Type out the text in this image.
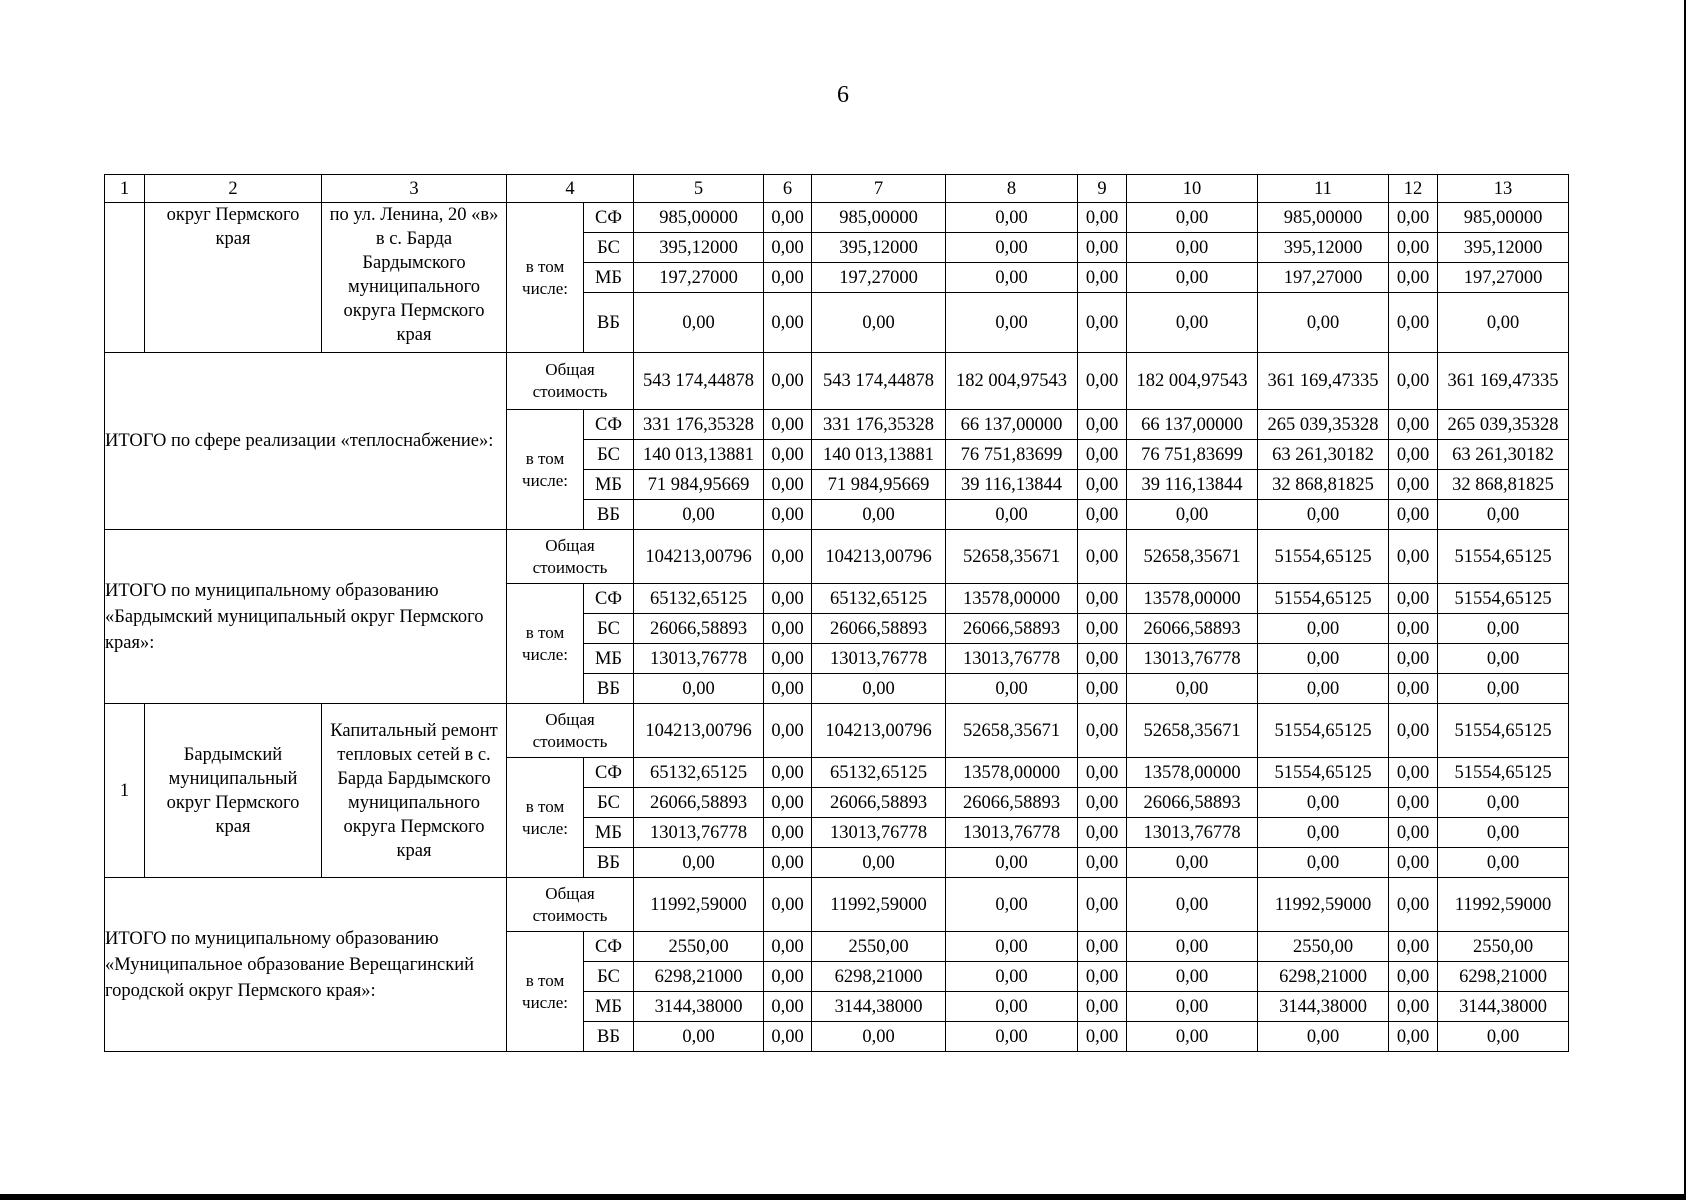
6
1	2	3	4		5	6	7	8	9	10	11	12	13
	округ Пермского края	по ул. Ленина, 20 «в» в с. Барда Бардымского муниципального округа Пермского края	в том числе:	СФ	985,00000	0,00	985,00000	0,00	0,00	0,00	985,00000	0,00	985,00000
				БС	395,12000	0,00	395,12000	0,00	0,00	0,00	395,12000	0,00	395,12000
				МБ	197,27000	0,00	197,27000	0,00	0,00	0,00	197,27000	0,00	197,27000
				ВБ	0,00	0,00	0,00	0,00	0,00	0,00	0,00	0,00	0,00
ИТОГО по сфере реализации «теплоснабжение»:			Общая стоимость		543 174,44878	0,00	543 174,44878	182 004,97543	0,00	182 004,97543	361 169,47335	0,00	361 169,47335
			в том числе:	СФ	331 176,35328	0,00	331 176,35328	66 137,00000	0,00	66 137,00000	265 039,35328	0,00	265 039,35328
				БС	140 013,13881	0,00	140 013,13881	76 751,83699	0,00	76 751,83699	63 261,30182	0,00	63 261,30182
				МБ	71 984,95669	0,00	71 984,95669	39 116,13844	0,00	39 116,13844	32 868,81825	0,00	32 868,81825
				ВБ	0,00	0,00	0,00	0,00	0,00	0,00	0,00	0,00	0,00
ИТОГО по муниципальному образованию «Бардымский муниципальный округ Пермского края»:			Общая стоимость		104213,00796	0,00	104213,00796	52658,35671	0,00	52658,35671	51554,65125	0,00	51554,65125
			в том числе:	СФ	65132,65125	0,00	65132,65125	13578,00000	0,00	13578,00000	51554,65125	0,00	51554,65125
				БС	26066,58893	0,00	26066,58893	26066,58893	0,00	26066,58893	0,00	0,00	0,00
				МБ	13013,76778	0,00	13013,76778	13013,76778	0,00	13013,76778	0,00	0,00	0,00
				ВБ	0,00	0,00	0,00	0,00	0,00	0,00	0,00	0,00	0,00
1	Бардымский муниципальный округ Пермского края	Капитальный ремонт тепловых сетей в с. Барда Бардымского муниципального округа Пермского края	Общая стоимость		104213,00796	0,00	104213,00796	52658,35671	0,00	52658,35671	51554,65125	0,00	51554,65125
			в том числе:	СФ	65132,65125	0,00	65132,65125	13578,00000	0,00	13578,00000	51554,65125	0,00	51554,65125
				БС	26066,58893	0,00	26066,58893	26066,58893	0,00	26066,58893	0,00	0,00	0,00
				МБ	13013,76778	0,00	13013,76778	13013,76778	0,00	13013,76778	0,00	0,00	0,00
				ВБ	0,00	0,00	0,00	0,00	0,00	0,00	0,00	0,00	0,00
ИТОГО по муниципальному образованию «Муниципальное образование Верещагинский городской округ Пермского края»:			Общая стоимость		11992,59000	0,00	11992,59000	0,00	0,00	0,00	11992,59000	0,00	11992,59000
			в том числе:	СФ	2550,00	0,00	2550,00	0,00	0,00	0,00	2550,00	0,00	2550,00
				БС	6298,21000	0,00	6298,21000	0,00	0,00	0,00	6298,21000	0,00	6298,21000
				МБ	3144,38000	0,00	3144,38000	0,00	0,00	0,00	3144,38000	0,00	3144,38000
				ВБ	0,00	0,00	0,00	0,00	0,00	0,00	0,00	0,00	0,00
